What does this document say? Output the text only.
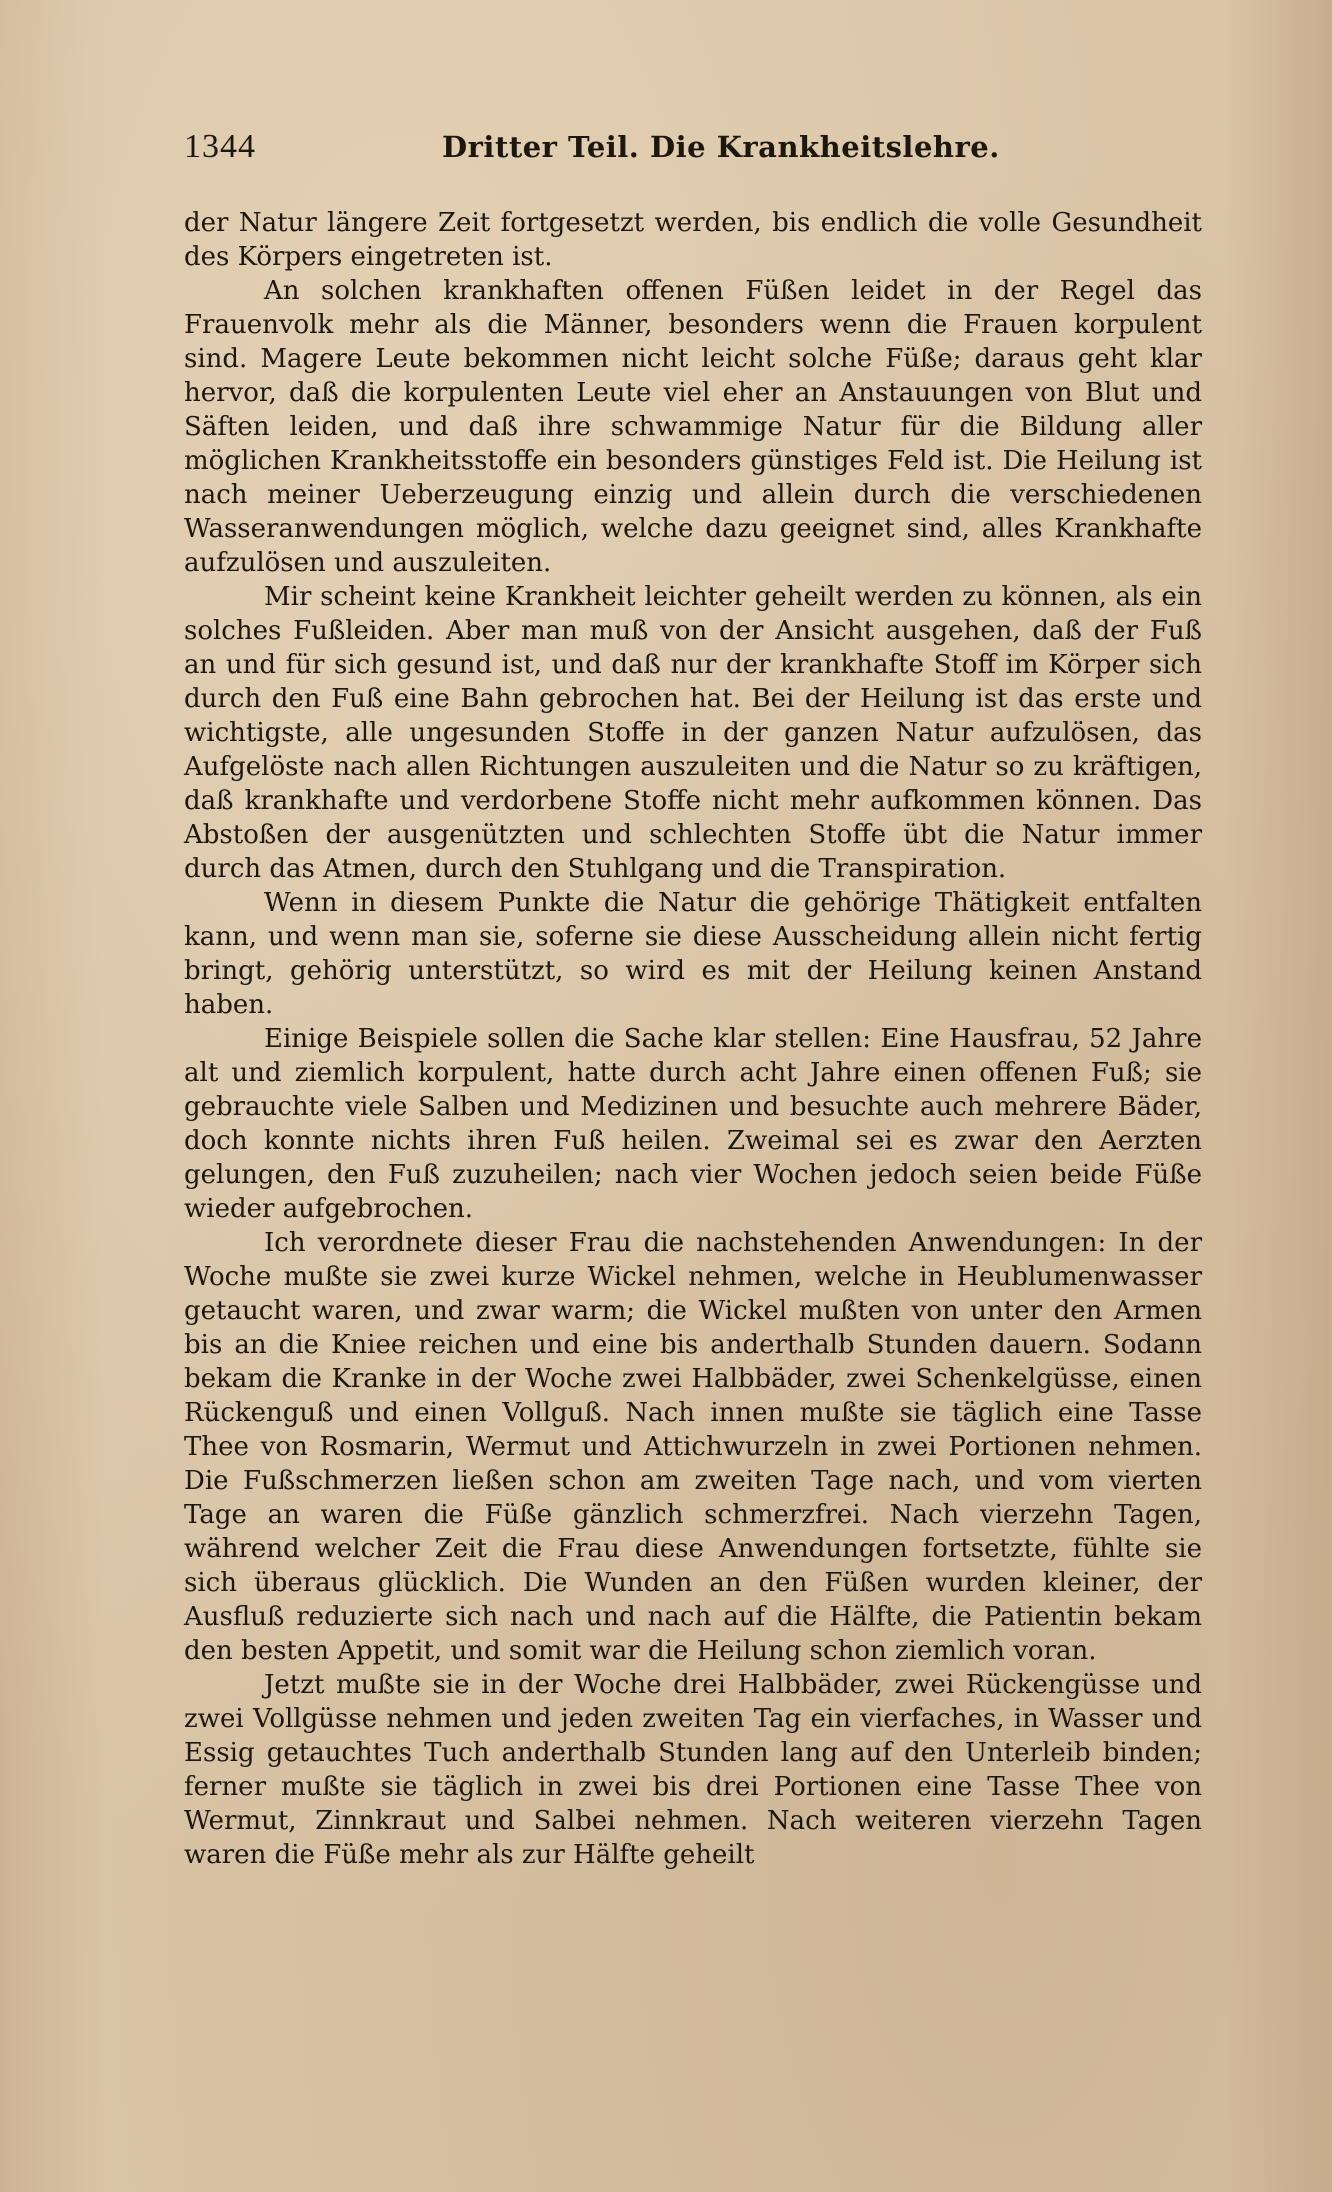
1344	Dritter Teil. Die Krankheitslehre.

der Natur längere Zeit fortgesetzt werden, bis endlich die volle Gesundheit des Körpers eingetreten ist.

An solchen krankhaften offenen Füßen leidet in der Regel das Frauenvolk mehr als die Männer, besonders wenn die Frauen korpulent sind. Magere Leute bekommen nicht leicht solche Füße; daraus geht klar hervor, daß die korpulenten Leute viel eher an Anstauungen von Blut und Säften leiden, und daß ihre schwammige Natur für die Bildung aller möglichen Krankheitsstoffe ein besonders günstiges Feld ist. Die Heilung ist nach meiner Ueberzeugung einzig und allein durch die verschiedenen Wasseranwendungen möglich, welche dazu geeignet sind, alles Krankhafte aufzulösen und auszuleiten.

Mir scheint keine Krankheit leichter geheilt werden zu können, als ein solches Fußleiden. Aber man muß von der Ansicht ausgehen, daß der Fuß an und für sich gesund ist, und daß nur der krankhafte Stoff im Körper sich durch den Fuß eine Bahn gebrochen hat. Bei der Heilung ist das erste und wichtigste, alle ungesunden Stoffe in der ganzen Natur aufzulösen, das Aufgelöste nach allen Richtungen auszuleiten und die Natur so zu kräftigen, daß krankhafte und verdorbene Stoffe nicht mehr aufkommen können. Das Abstoßen der ausgenützten und schlechten Stoffe übt die Natur immer durch das Atmen, durch den Stuhlgang und die Transpiration.

Wenn in diesem Punkte die Natur die gehörige Thätigkeit entfalten kann, und wenn man sie, soferne sie diese Ausscheidung allein nicht fertig bringt, gehörig unterstützt, so wird es mit der Heilung keinen Anstand haben.

Einige Beispiele sollen die Sache klar stellen: Eine Hausfrau, 52 Jahre alt und ziemlich korpulent, hatte durch acht Jahre einen offenen Fuß; sie gebrauchte viele Salben und Medizinen und besuchte auch mehrere Bäder, doch konnte nichts ihren Fuß heilen. Zweimal sei es zwar den Aerzten gelungen, den Fuß zuzuheilen; nach vier Wochen jedoch seien beide Füße wieder aufgebrochen.

Ich verordnete dieser Frau die nachstehenden Anwendungen: In der Woche mußte sie zwei kurze Wickel nehmen, welche in Heublumenwasser getaucht waren, und zwar warm; die Wickel mußten von unter den Armen bis an die Kniee reichen und eine bis anderthalb Stunden dauern. Sodann bekam die Kranke in der Woche zwei Halbbäder, zwei Schenkelgüsse, einen Rückenguß und einen Vollguß. Nach innen mußte sie täglich eine Tasse Thee von Rosmarin, Wermut und Attichwurzeln in zwei Portionen nehmen. Die Fußschmerzen ließen schon am zweiten Tage nach, und vom vierten Tage an waren die Füße gänzlich schmerzfrei. Nach vierzehn Tagen, während welcher Zeit die Frau diese Anwendungen fortsetzte, fühlte sie sich überaus glücklich. Die Wunden an den Füßen wurden kleiner, der Ausfluß reduzierte sich nach und nach auf die Hälfte, die Patientin bekam den besten Appetit, und somit war die Heilung schon ziemlich voran.

Jetzt mußte sie in der Woche drei Halbbäder, zwei Rückengüsse und zwei Vollgüsse nehmen und jeden zweiten Tag ein vierfaches, in Wasser und Essig getauchtes Tuch anderthalb Stunden lang auf den Unterleib binden; ferner mußte sie täglich in zwei bis drei Portionen eine Tasse Thee von Wermut, Zinnkraut und Salbei nehmen. Nach weiteren vierzehn Tagen waren die Füße mehr als zur Hälfte geheilt
